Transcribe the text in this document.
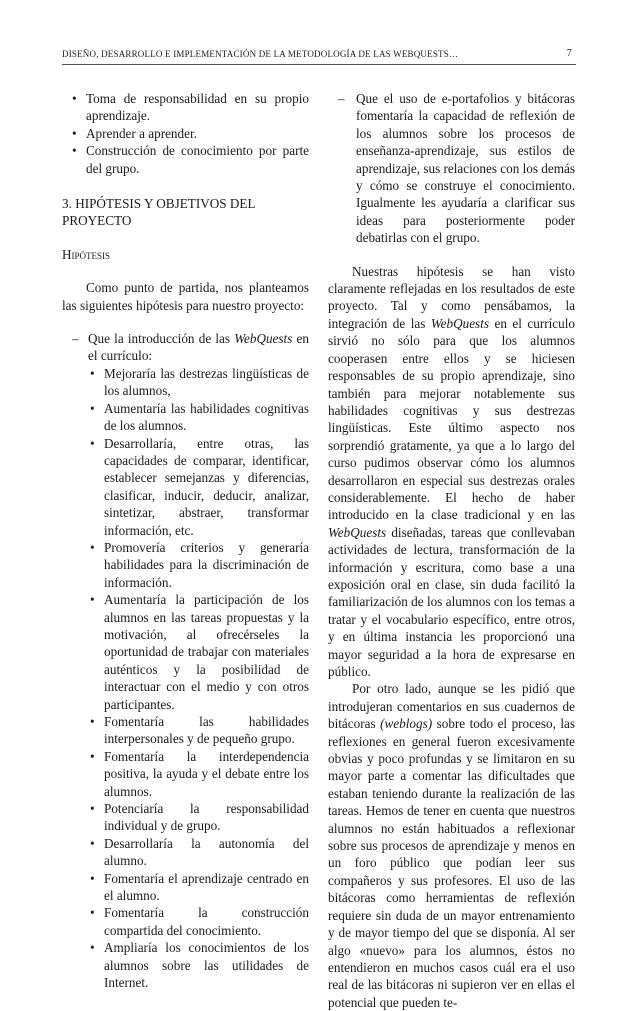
DISEÑO, DESARROLLO E IMPLEMENTACIÓN DE LA METODOLOGÍA DE LAS WEBQUESTS…	7
• Toma de responsabilidad en su propio aprendizaje.
• Aprender a aprender.
• Construcción de conocimiento por parte del grupo.

3. HIPÓTESIS Y OBJETIVOS DEL PROYECTO

Hipótesis

Como punto de partida, nos planteamos las siguientes hipótesis para nuestro proyecto:

– Que la introducción de las WebQuests en el currículo:
• Mejoraría las destrezas lingüísticas de los alumnos,
• Aumentaría las habilidades cognitivas de los alumnos.
• Desarrollaría, entre otras, las capacidades de comparar, identificar, establecer semejanzas y diferencias, clasificar, inducir, deducir, analizar, sintetizar, abstraer, transformar información, etc.
• Promovería criterios y generaría habilidades para la discriminación de información.
• Aumentaría la participación de los alumnos en las tareas propuestas y la motivación, al ofrecérseles la oportunidad de trabajar con materiales auténticos y la posibilidad de interactuar con el medio y con otros participantes.
• Fomentaría las habilidades interpersonales y de pequeño grupo.
• Fomentaría la interdependencia positiva, la ayuda y el debate entre los alumnos.
• Potenciaría la responsabilidad individual y de grupo.
• Desarrollaría la autonomía del alumno.
• Fomentaría el aprendizaje centrado en el alumno.
• Fomentaría la construcción compartida del conocimiento.
• Ampliaría los conocimientos de los alumnos sobre las utilidades de Internet.
– Que el uso de e-portafolios y bitácoras fomentaría la capacidad de reflexión de los alumnos sobre los procesos de enseñanza-aprendizaje, sus estilos de aprendizaje, sus relaciones con los demás y cómo se construye el conocimiento. Igualmente les ayudaría a clarificar sus ideas para posteriormente poder debatirlas con el grupo.

Nuestras hipótesis se han visto claramente reflejadas en los resultados de este proyecto. Tal y como pensábamos, la integración de las WebQuests en el currículo sirvió no sólo para que los alumnos cooperasen entre ellos y se hiciesen responsables de su propio aprendizaje, sino también para mejorar notablemente sus habilidades cognitivas y sus destrezas lingüísticas. Este último aspecto nos sorprendió gratamente, ya que a lo largo del curso pudimos observar cómo los alumnos desarrollaron en especial sus destrezas orales considerablemente. El hecho de haber introducido en la clase tradicional y en las WebQuests diseñadas, tareas que conllevaban actividades de lectura, transformación de la información y escritura, como base a una exposición oral en clase, sin duda facilitó la familiarización de los alumnos con los temas a tratar y el vocabulario específico, entre otros, y en última instancia les proporcionó una mayor seguridad a la hora de expresarse en público.

Por otro lado, aunque se les pidió que introdujeran comentarios en sus cuadernos de bitácoras (weblogs) sobre todo el proceso, las reflexiones en general fueron excesivamente obvias y poco profundas y se limitaron en su mayor parte a comentar las dificultades que estaban teniendo durante la realización de las tareas. Hemos de tener en cuenta que nuestros alumnos no están habituados a reflexionar sobre sus procesos de aprendizaje y menos en un foro público que podían leer sus compañeros y sus profesores. El uso de las bitácoras como herramientas de reflexión requiere sin duda de un mayor entrenamiento y de mayor tiempo del que se disponía. Al ser algo «nuevo» para los alumnos, éstos no entendieron en muchos casos cuál era el uso real de las bitácoras ni supieron ver en ellas el potencial que pueden te-
